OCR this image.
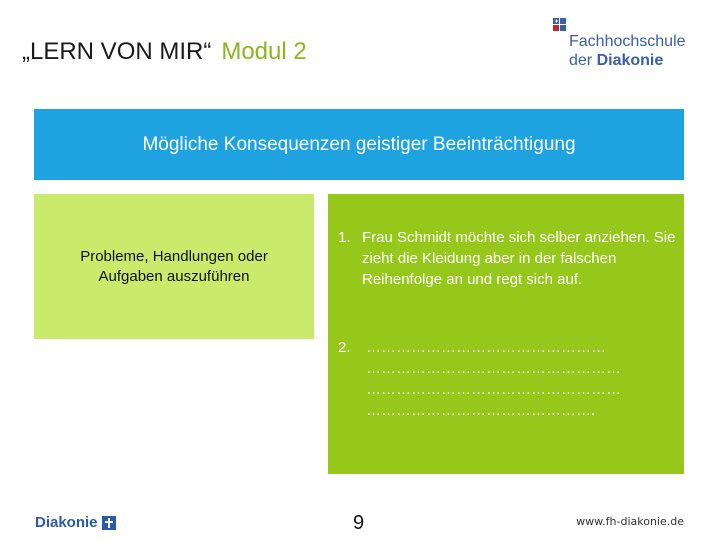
„LERN VON MIR“ Modul 2	Fachhochschule
der Diakonie
Mögliche Konsequenzen geistiger Beeinträchtigung
Probleme, Handlungen oder Aufgaben auszuführen
1. Frau Schmidt möchte sich selber anziehen. Sie zieht die Kleidung aber in der falschen Reihenfolge an und regt sich auf.
2. …………………………………………
……………………………………………
……………………………………………
……………………………………….
Diakonie	9	www.fh-diakonie.de
